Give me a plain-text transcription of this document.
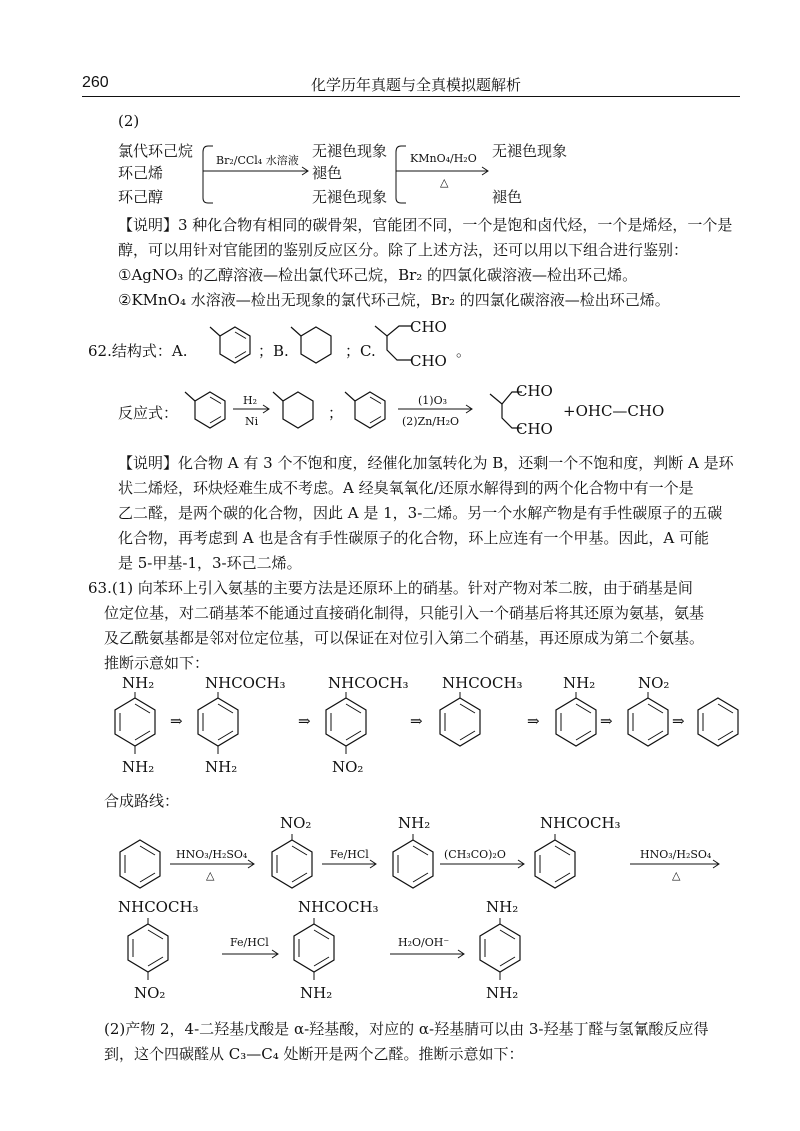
260	化学历年真题与全真模拟题解析
(2)
氯代环己烷
环己烯
环己醇
Br₂/CCl₄ 水溶液
无褪色现象
褪色
无褪色现象
KMnO₄/H₂O
△
无褪色现象
褪色
【说明】3 种化合物有相同的碳骨架，官能团不同，一个是饱和卤代烃，一个是烯烃，一个是
醇，可以用针对官能团的鉴别反应区分。除了上述方法，还可以用以下组合进行鉴别：
①AgNO₃ 的乙醇溶液—检出氯代环己烷，Br₂ 的四氯化碳溶液—检出环己烯。
②KMnO₄ 水溶液—检出无现象的氯代环己烷，Br₂ 的四氯化碳溶液—检出环己烯。
62.结构式：A.	；B.	；C.
CHO
CHO
。
反应式：
H₂
Ni	；
(1)O₃
(2)Zn/H₂O
CHO
CHO
+OHC—CHO
【说明】化合物 A 有 3 个不饱和度，经催化加氢转化为 B，还剩一个不饱和度，判断 A 是环
状二烯烃，环炔烃难生成不考虑。A 经臭氧氧化/还原水解得到的两个化合物中有一个是
乙二醛，是两个碳的化合物，因此 A 是 1，3-二烯。另一个水解产物是有手性碳原子的五碳
化合物，再考虑到 A 也是含有手性碳原子的化合物，环上应连有一个甲基。因此，A 可能
是 5-甲基-1，3-环己二烯。
63.(1) 向苯环上引入氨基的主要方法是还原环上的硝基。针对产物对苯二胺，由于硝基是间
位定位基，对二硝基苯不能通过直接硝化制得，只能引入一个硝基后将其还原为氨基，氨基
及乙酰氨基都是邻对位定位基，可以保证在对位引入第二个硝基，再还原成为第二个氨基。
推断示意如下：
NH₂
NH₂
⇒
NHCOCH₃
NH₂
⇒
NHCOCH₃
NO₂
⇒
NHCOCH₃
⇒
NH₂
⇒
NO₂
⇒
合成路线：
HNO₃/H₂SO₄
△
NO₂
Fe/HCl
NH₂
(CH₃CO)₂O
NHCOCH₃
HNO₃/H₂SO₄
△
NHCOCH₃
NO₂
Fe/HCl
NHCOCH₃
NH₂
H₂O/OH⁻
NH₂
NH₂
(2)产物 2，4-二羟基戊酸是 α-羟基酸，对应的 α-羟基腈可以由 3-羟基丁醛与氢氰酸反应得
到，这个四碳醛从 C₃—C₄ 处断开是两个乙醛。推断示意如下：
